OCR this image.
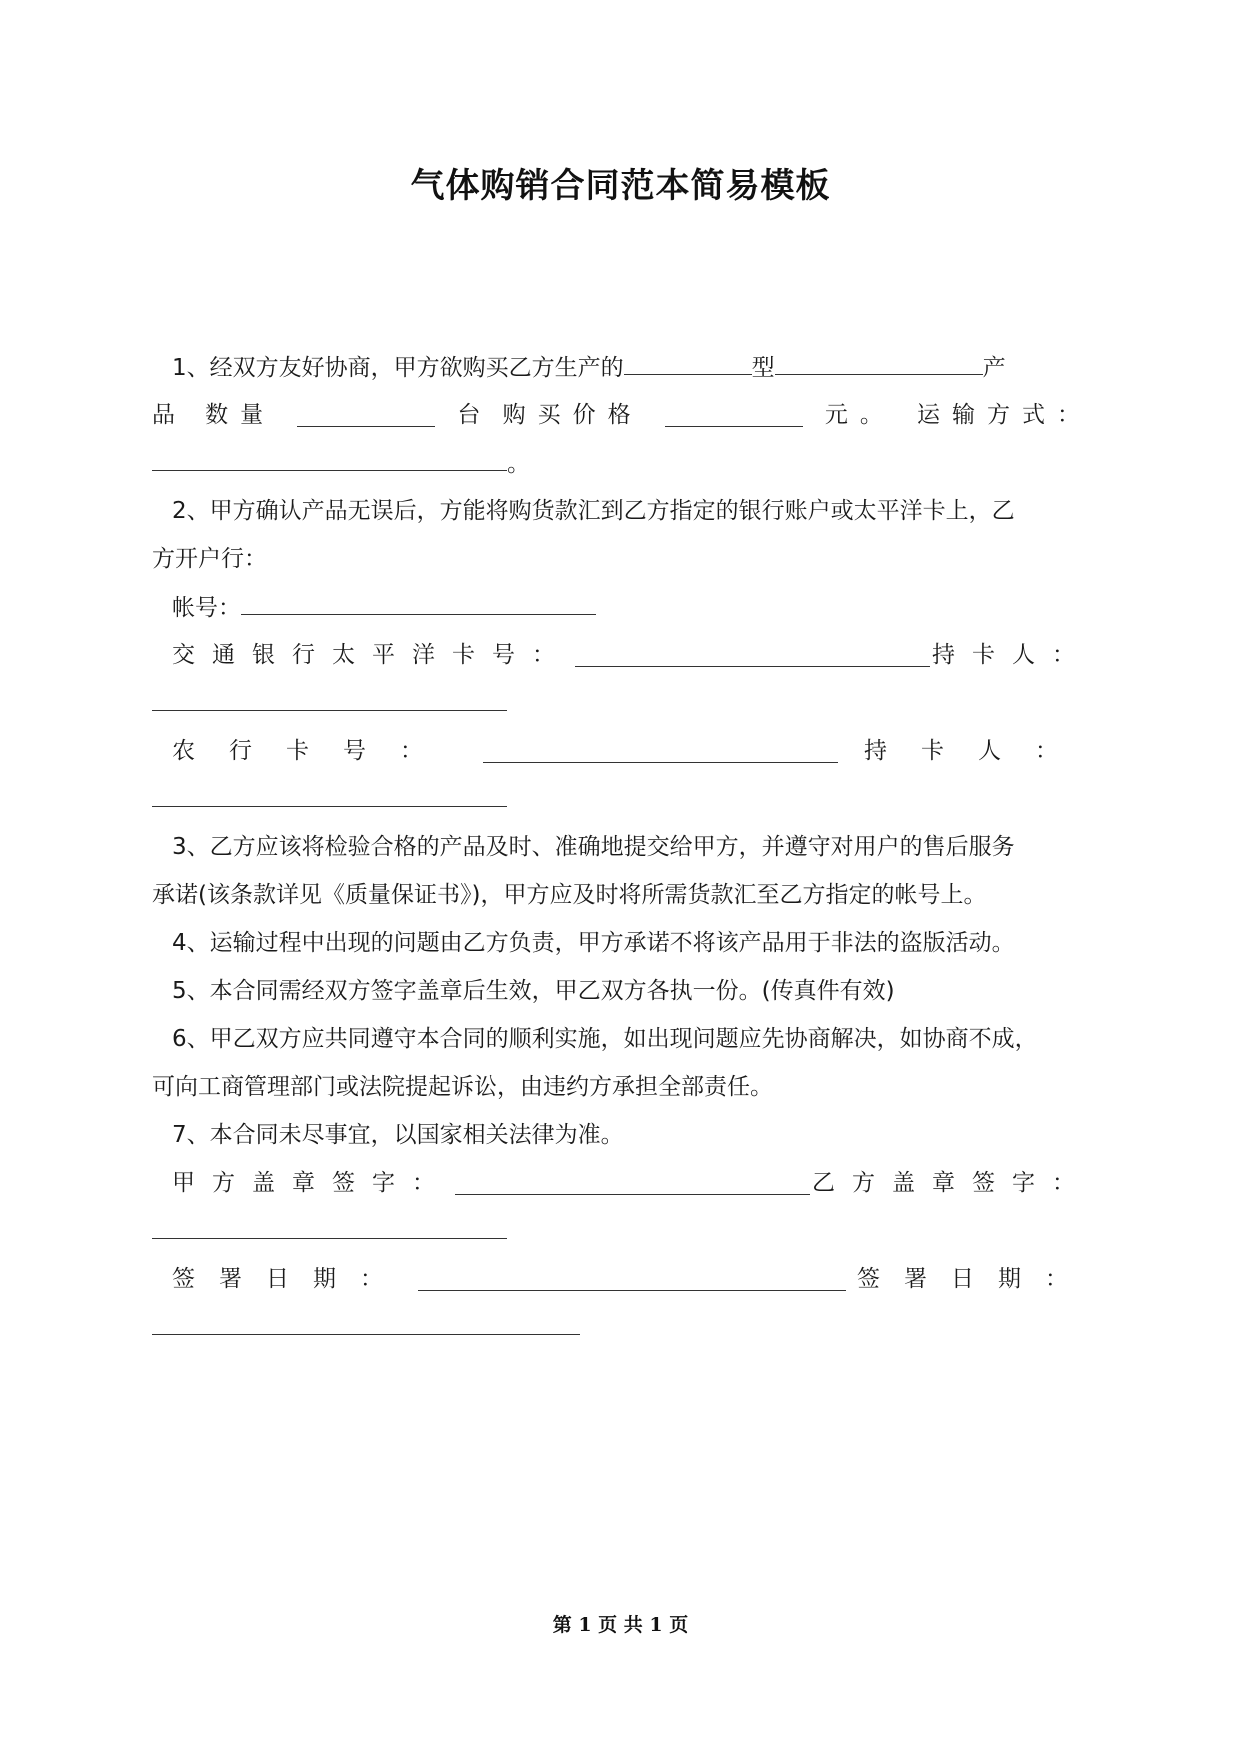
气体购销合同范本简易模板
1、经双方友好协商，甲方欲购买乙方生产的	型	产
品 数量	台 购买价格	元。 运输方式：
。
2、甲方确认产品无误后，方能将购货款汇到乙方指定的银行账户或太平洋卡上，乙
方开户行：
帐号：
交通银行太平洋卡号：	持卡人：
农行卡号：	持卡人：
3、乙方应该将检验合格的产品及时、准确地提交给甲方，并遵守对用户的售后服务
承诺(该条款详见《质量保证书》)，甲方应及时将所需货款汇至乙方指定的帐号上。
4、运输过程中出现的问题由乙方负责，甲方承诺不将该产品用于非法的盗版活动。
5、本合同需经双方签字盖章后生效，甲乙双方各执一份。(传真件有效)
6、甲乙双方应共同遵守本合同的顺利实施，如出现问题应先协商解决，如协商不成，
可向工商管理部门或法院提起诉讼，由违约方承担全部责任。
7、本合同未尽事宜，以国家相关法律为准。
甲方盖章签字：	乙方盖章签字：
签署日期：	签署日期：
第 1 页 共 1 页
